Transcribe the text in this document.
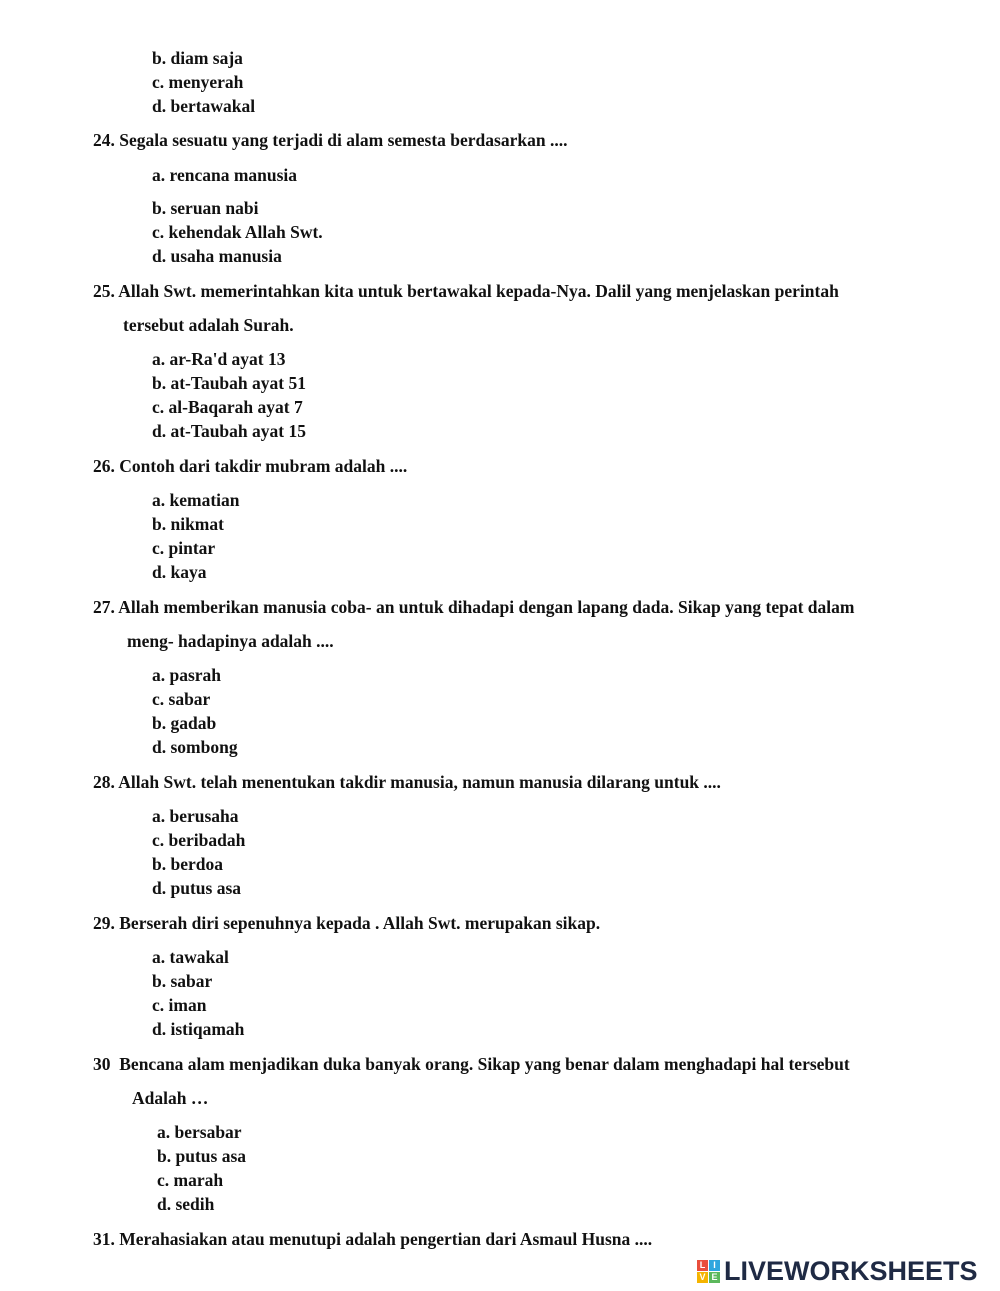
b. diam saja
c. menyerah
d. bertawakal
24. Segala sesuatu yang terjadi di alam semesta berdasarkan ....
a. rencana manusia
b. seruan nabi
c. kehendak Allah Swt.
d. usaha manusia
25. Allah Swt. memerintahkan kita untuk bertawakal kepada-Nya. Dalil yang menjelaskan perintah
tersebut adalah Surah.
a. ar-Ra'd ayat 13
b. at-Taubah ayat 51
c. al-Baqarah ayat 7
d. at-Taubah ayat 15
26. Contoh dari takdir mubram adalah ....
a. kematian
b. nikmat
c. pintar
d. kaya
27. Allah memberikan manusia coba- an untuk dihadapi dengan lapang dada. Sikap yang tepat dalam
meng- hadapinya adalah ....
a. pasrah
c. sabar
b. gadab
d. sombong
28. Allah Swt. telah menentukan takdir manusia, namun manusia dilarang untuk ....
a. berusaha
c. beribadah
b. berdoa
d. putus asa
29. Berserah diri sepenuhnya kepada . Allah Swt. merupakan sikap.
a. tawakal
b. sabar
c. iman
d. istiqamah
30 Bencana alam menjadikan duka banyak orang. Sikap yang benar dalam menghadapi hal tersebut
Adalah …
a. bersabar
b. putus asa
c. marah
d. sedih
31. Merahasiakan atau menutupi adalah pengertian dari Asmaul Husna ....
L I
V E LIVEWORKSHEETS
